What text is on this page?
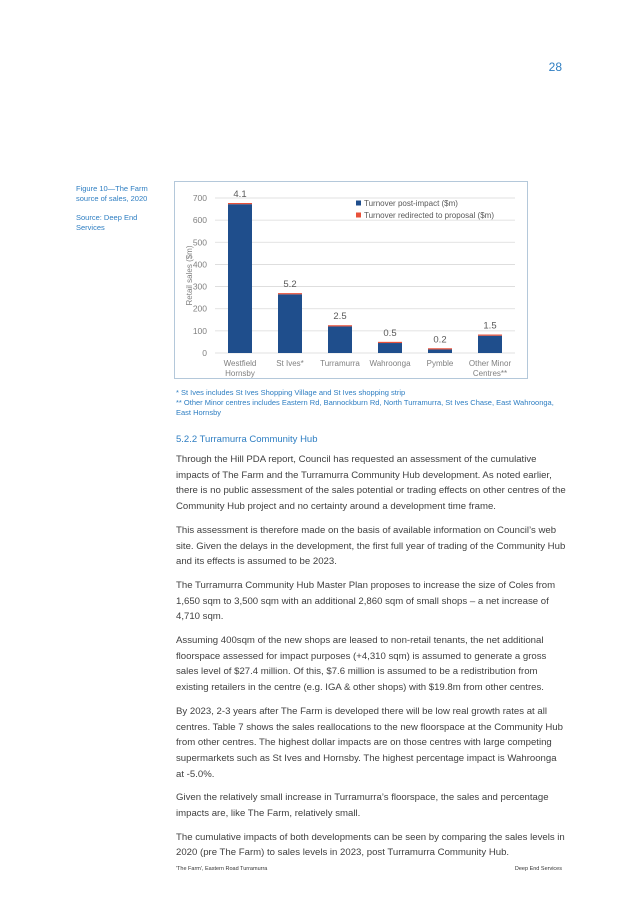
28
Figure 10—The Farm source of sales, 2020
Source: Deep End Services
0
100
200
300
400
500
600
700
Retail sales ($m)
4.1
Westfield
Hornsby
5.2
St Ives*
2.5
Turramurra
0.5
Wahroonga
0.2
Pymble
1.5
Other Minor
Centres**
Turnover post-impact ($m)
Turnover redirected to proposal ($m)
* St Ives includes St Ives Shopping Village and St Ives shopping strip
** Other Minor centres includes Eastern Rd, Bannockburn Rd, North Turramurra, St Ives Chase, East Wahroonga, East Hornsby
5.2.2 Turramurra Community Hub

Through the Hill PDA report, Council has requested an assessment of the cumulative impacts of The Farm and the Turramurra Community Hub development. As noted earlier, there is no public assessment of the sales potential or trading effects on other centres of the Community Hub project and no certainty around a development time frame.

This assessment is therefore made on the basis of available information on Council’s web site. Given the delays in the development, the first full year of trading of the Community Hub and its effects is assumed to be 2023.

The Turramurra Community Hub Master Plan proposes to increase the size of Coles from 1,650 sqm to 3,500 sqm with an additional 2,860 sqm of small shops – a net increase of 4,710 sqm.

Assuming 400sqm of the new shops are leased to non-retail tenants, the net additional floorspace assessed for impact purposes (+4,310 sqm) is assumed to generate a gross sales level of $27.4 million. Of this, $7.6 million is assumed to be a redistribution from existing retailers in the centre (e.g. IGA & other shops) with $19.8m from other centres.

By 2023, 2-3 years after The Farm is developed there will be low real growth rates at all centres. Table 7 shows the sales reallocations to the new floorspace at the Community Hub from other centres. The highest dollar impacts are on those centres with large competing supermarkets such as St Ives and Hornsby. The highest percentage impact is Wahroonga at -5.0%.

Given the relatively small increase in Turramurra’s floorspace, the sales and percentage impacts are, like The Farm, relatively small.

The cumulative impacts of both developments can be seen by comparing the sales levels in 2020 (pre The Farm) to sales levels in 2023, post Turramurra Community Hub.

'The Farm', Eastern Road Turramurra	Deep End Services
